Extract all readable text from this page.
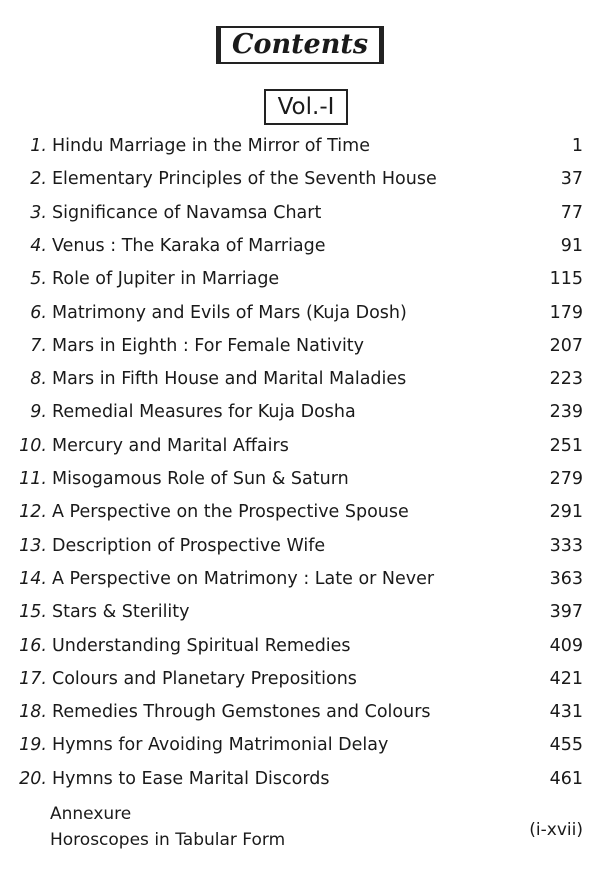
Contents
Vol.-I
1. Hindu Marriage in the Mirror of Time	1
2. Elementary Principles of the Seventh House	37
3. Significance of Navamsa Chart	77
4. Venus : The Karaka of Marriage	91
5. Role of Jupiter in Marriage	115
6. Matrimony and Evils of Mars (Kuja Dosh)	179
7. Mars in Eighth : For Female Nativity	207
8. Mars in Fifth House and Marital Maladies	223
9. Remedial Measures for Kuja Dosha	239
10. Mercury and Marital Affairs	251
11. Misogamous Role of Sun & Saturn	279
12. A Perspective on the Prospective Spouse	291
13. Description of Prospective Wife	333
14. A Perspective on Matrimony : Late or Never	363
15. Stars & Sterility	397
16. Understanding Spiritual Remedies	409
17. Colours and Planetary Prepositions	421
18. Remedies Through Gemstones and Colours	431
19. Hymns for Avoiding Matrimonial Delay	455
20. Hymns to Ease Marital Discords	461
Annexure
Horoscopes in Tabular Form	(i-xvii)
